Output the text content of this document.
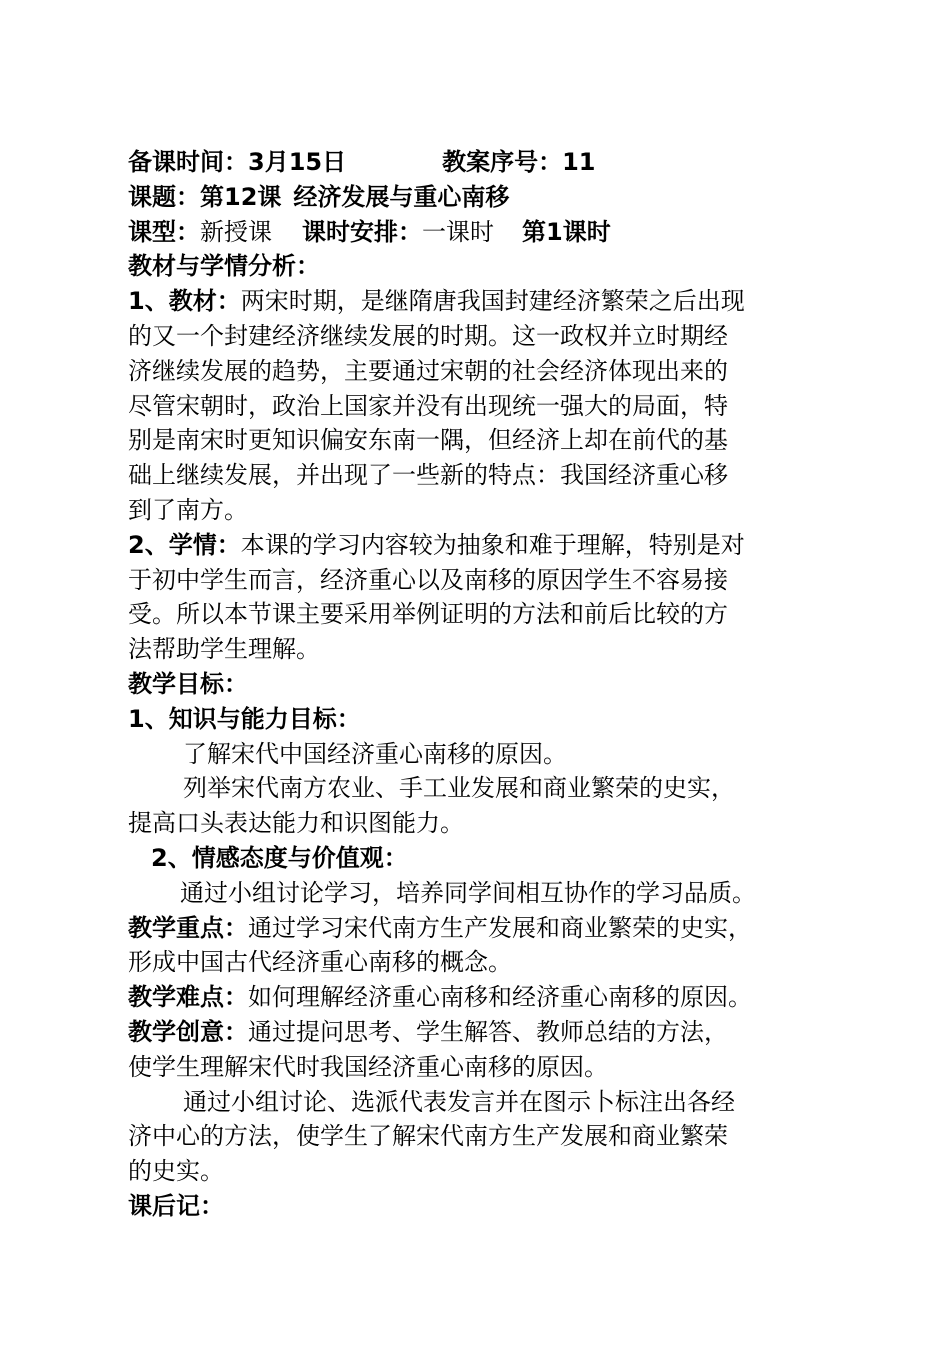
备课时间：3月15日	教案序号：11
课题：第12课 经济发展与重心南移
课型：新授课 课时安排：一课时 第1课时
教材与学情分析：
1、教材：两宋时期，是继隋唐我国封建经济繁荣之后出现
的又一个封建经济继续发展的时期。这一政权并立时期经
济继续发展的趋势，主要通过宋朝的社会经济体现出来的
尽管宋朝时，政治上国家并没有出现统一强大的局面，特
别是南宋时更知识偏安东南一隅，但经济上却在前代的基
础上继续发展，并出现了一些新的特点：我国经济重心移
到了南方。
2、学情：本课的学习内容较为抽象和难于理解，特别是对
于初中学生而言，经济重心以及南移的原因学生不容易接
受。所以本节课主要采用举例证明的方法和前后比较的方
法帮助学生理解。
教学目标：
1、知识与能力目标：
了解宋代中国经济重心南移的原因。
列举宋代南方农业、手工业发展和商业繁荣的史实，
提高口头表达能力和识图能力。
2、情感态度与价值观：
通过小组讨论学习，培养同学间相互协作的学习品质。
教学重点：通过学习宋代南方生产发展和商业繁荣的史实，
形成中国古代经济重心南移的概念。
教学难点：如何理解经济重心南移和经济重心南移的原因。
教学创意：通过提问思考、学生解答、教师总结的方法，
使学生理解宋代时我国经济重心南移的原因。
通过小组讨论、选派代表发言并在图示卜标注出各经
济中心的方法，使学生了解宋代南方生产发展和商业繁荣
的史实。
课后记：
